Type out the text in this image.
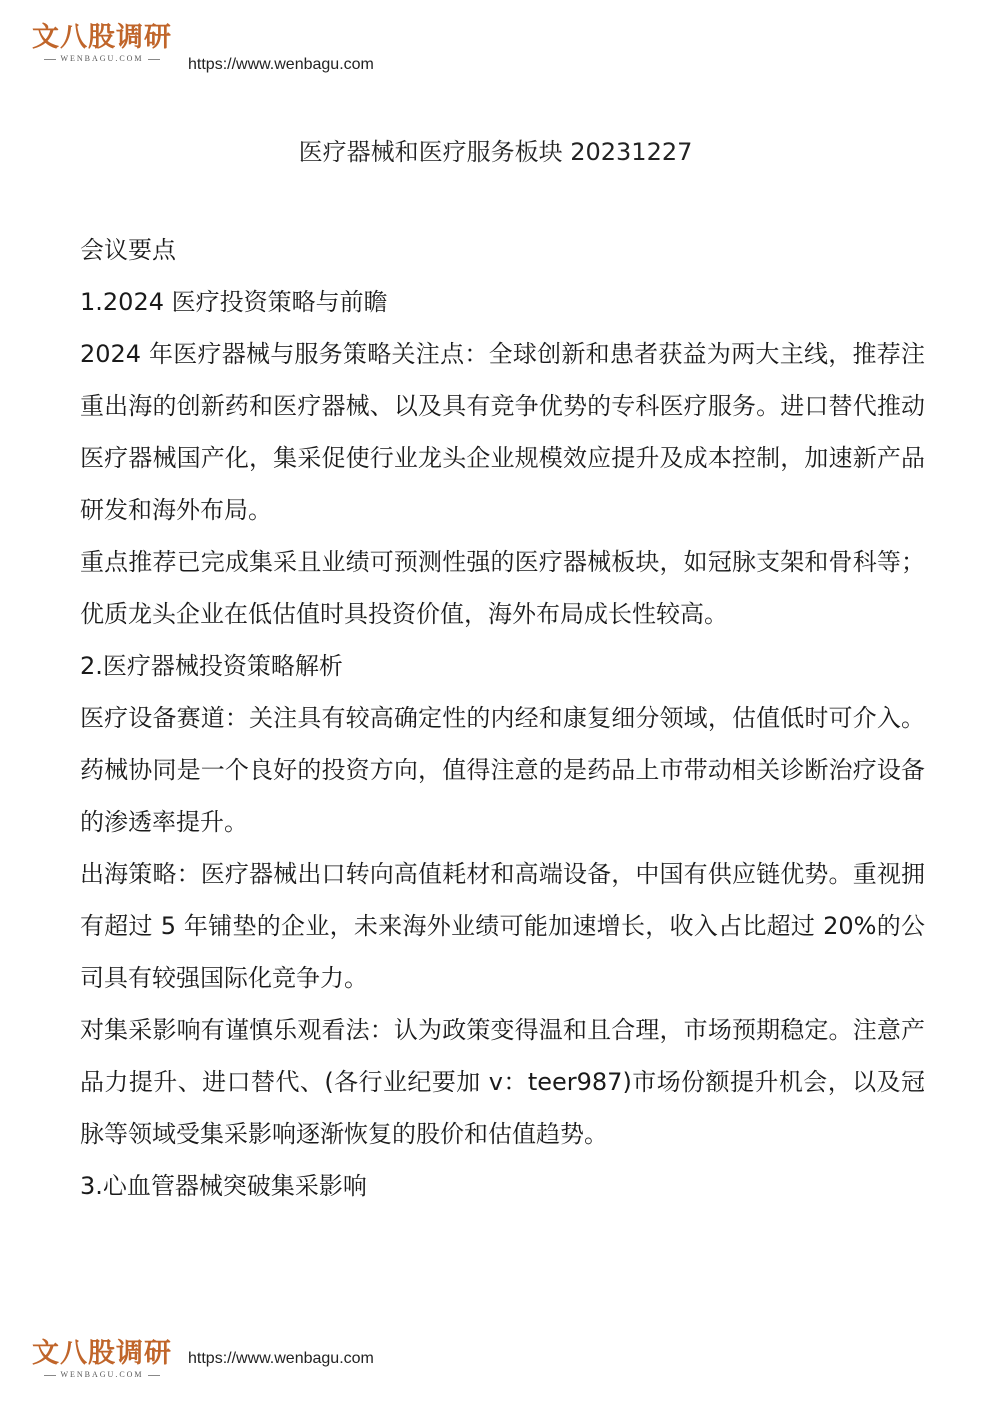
文八股调研
WENBAGU.COM	https://www.wenbagu.com
医疗器械和医疗服务板块 20231227

会议要点

1.2024 医疗投资策略与前瞻

2024 年医疗器械与服务策略关注点：全球创新和患者获益为两大主线，推荐注重出海的创新药和医疗器械、以及具有竞争优势的专科医疗服务。进口替代推动医疗器械国产化，集采促使行业龙头企业规模效应提升及成本控制，加速新产品研发和海外布局。

重点推荐已完成集采且业绩可预测性强的医疗器械板块，如冠脉支架和骨科等；优质龙头企业在低估值时具投资价值，海外布局成长性较高。

2.医疗器械投资策略解析

医疗设备赛道：关注具有较高确定性的内经和康复细分领域，估值低时可介入。药械协同是一个良好的投资方向，值得注意的是药品上市带动相关诊断治疗设备的渗透率提升。

出海策略：医疗器械出口转向高值耗材和高端设备，中国有供应链优势。重视拥有超过 5 年铺垫的企业，未来海外业绩可能加速增长，收入占比超过 20%的公司具有较强国际化竞争力。

对集采影响有谨慎乐观看法：认为政策变得温和且合理，市场预期稳定。注意产品力提升、进口替代、(各行业纪要加 v：teer987)市场份额提升机会，以及冠脉等领域受集采影响逐渐恢复的股价和估值趋势。

3.心血管器械突破集采影响

文八股调研
WENBAGU.COM
https://www.wenbagu.com
